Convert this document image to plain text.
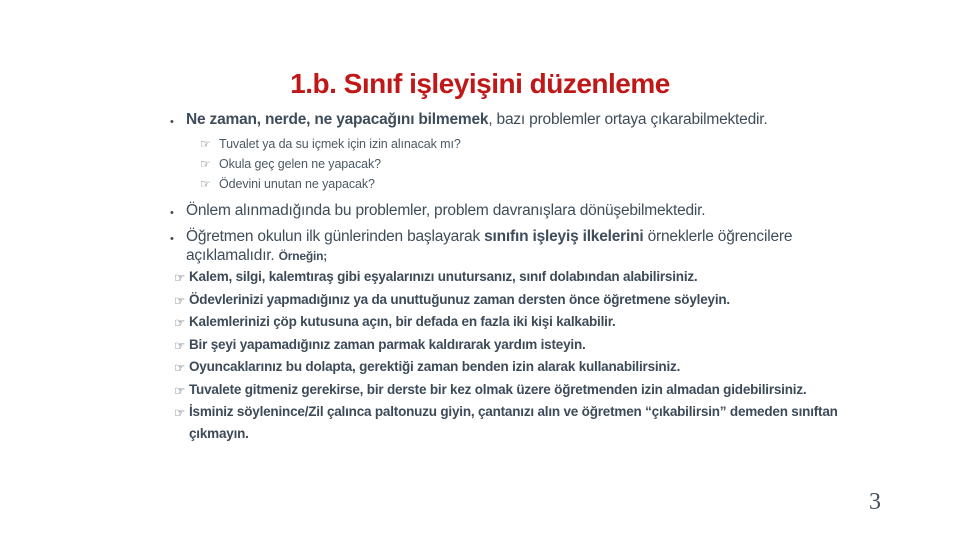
1.b. Sınıf işleyişini düzenleme
• Ne zaman, nerde, ne yapacağını bilmemek, bazı problemler ortaya çıkarabilmektedir.
☞ Tuvalet ya da su içmek için izin alınacak mı?
☞ Okula geç gelen ne yapacak?
☞ Ödevini unutan ne yapacak?
• Önlem alınmadığında bu problemler, problem davranışlara dönüşebilmektedir.
• Öğretmen okulun ilk günlerinden başlayarak sınıfın işleyiş ilkelerini örneklerle öğrencilere açıklamalıdır. Örneğin;
☞ Kalem, silgi, kalemtıraş gibi eşyalarınızı unutursanız, sınıf dolabından alabilirsiniz.
☞ Ödevlerinizi yapmadığınız ya da unuttuğunuz zaman dersten önce öğretmene söyleyin.
☞ Kalemlerinizi çöp kutusuna açın, bir defada en fazla iki kişi kalkabilir.
☞ Bir şeyi yapamadığınız zaman parmak kaldırarak yardım isteyin.
☞ Oyuncaklarınız bu dolapta, gerektiği zaman benden izin alarak kullanabilirsiniz.
☞ Tuvalete gitmeniz gerekirse, bir derste bir kez olmak üzere öğretmenden izin almadan gidebilirsiniz.
☞ İsminiz söylenince/Zil çalınca paltonuzu giyin, çantanızı alın ve öğretmen “çıkabilirsin” demeden sınıftan çıkmayın.
3
